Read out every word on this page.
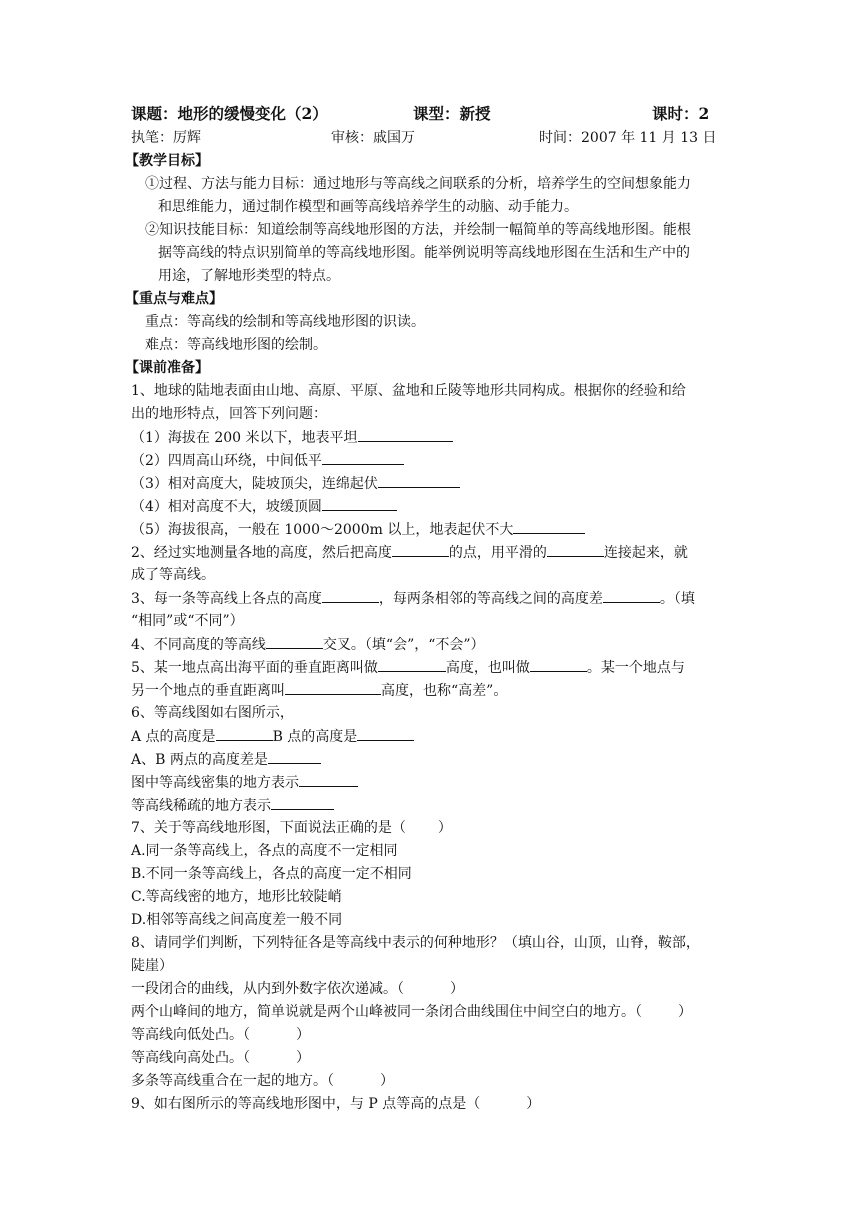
课题：地形的缓慢变化（2）	课型：新授	课时：2
执笔：厉辉	审核：戚国万	时间：2007 年 11 月 13 日
【教学目标】
①过程、方法与能力目标：通过地形与等高线之间联系的分析，培养学生的空间想象能力
和思维能力，通过制作模型和画等高线培养学生的动脑、动手能力。
②知识技能目标：知道绘制等高线地形图的方法，并绘制一幅简单的等高线地形图。能根
据等高线的特点识别简单的等高线地形图。能举例说明等高线地形图在生活和生产中的
用途，了解地形类型的特点。
【重点与难点】
重点：等高线的绘制和等高线地形图的识读。
难点：等高线地形图的绘制。
【课前准备】
1、地球的陆地表面由山地、高原、平原、盆地和丘陵等地形共同构成。根据你的经验和给
出的地形特点，回答下列问题：
（1）海拔在 200 米以下，地表平坦
（2）四周高山环绕，中间低平
（3）相对高度大，陡坡顶尖，连绵起伏
（4）相对高度不大，坡缓顶圆
（5）海拔很高，一般在 1000～2000m 以上，地表起伏不大
2、经过实地测量各地的高度，然后把高度	的点，用平滑的	连接起来，就
成了等高线。
3、每一条等高线上各点的高度	，每两条相邻的等高线之间的高度差	。（填
“相同”或“不同”）
4、不同高度的等高线	交叉。（填“会”，“不会”）
5、某一地点高出海平面的垂直距离叫做	高度，也叫做	。某一个地点与
另一个地点的垂直距离叫	高度，也称“高差”。
6、等高线图如右图所示，
A 点的高度是	B 点的高度是
A、B 两点的高度差是
图中等高线密集的地方表示
等高线稀疏的地方表示
7、关于等高线地形图，下面说法正确的是（ ）
A.同一条等高线上，各点的高度不一定相同
B.不同一条等高线上，各点的高度一定不相同
C.等高线密的地方，地形比较陡峭
D.相邻等高线之间高度差一般不同
8、请同学们判断，下列特征各是等高线中表示的何种地形？（填山谷，山顶，山脊，鞍部，
陡崖）
一段闭合的曲线，从内到外数字依次递减。（	）
两个山峰间的地方，简单说就是两个山峰被同一条闭合曲线围住中间空白的地方。（	）
等高线向低处凸。（	）
等高线向高处凸。（	）
多条等高线重合在一起的地方。（	）
9、如右图所示的等高线地形图中，与 P 点等高的点是（	）
